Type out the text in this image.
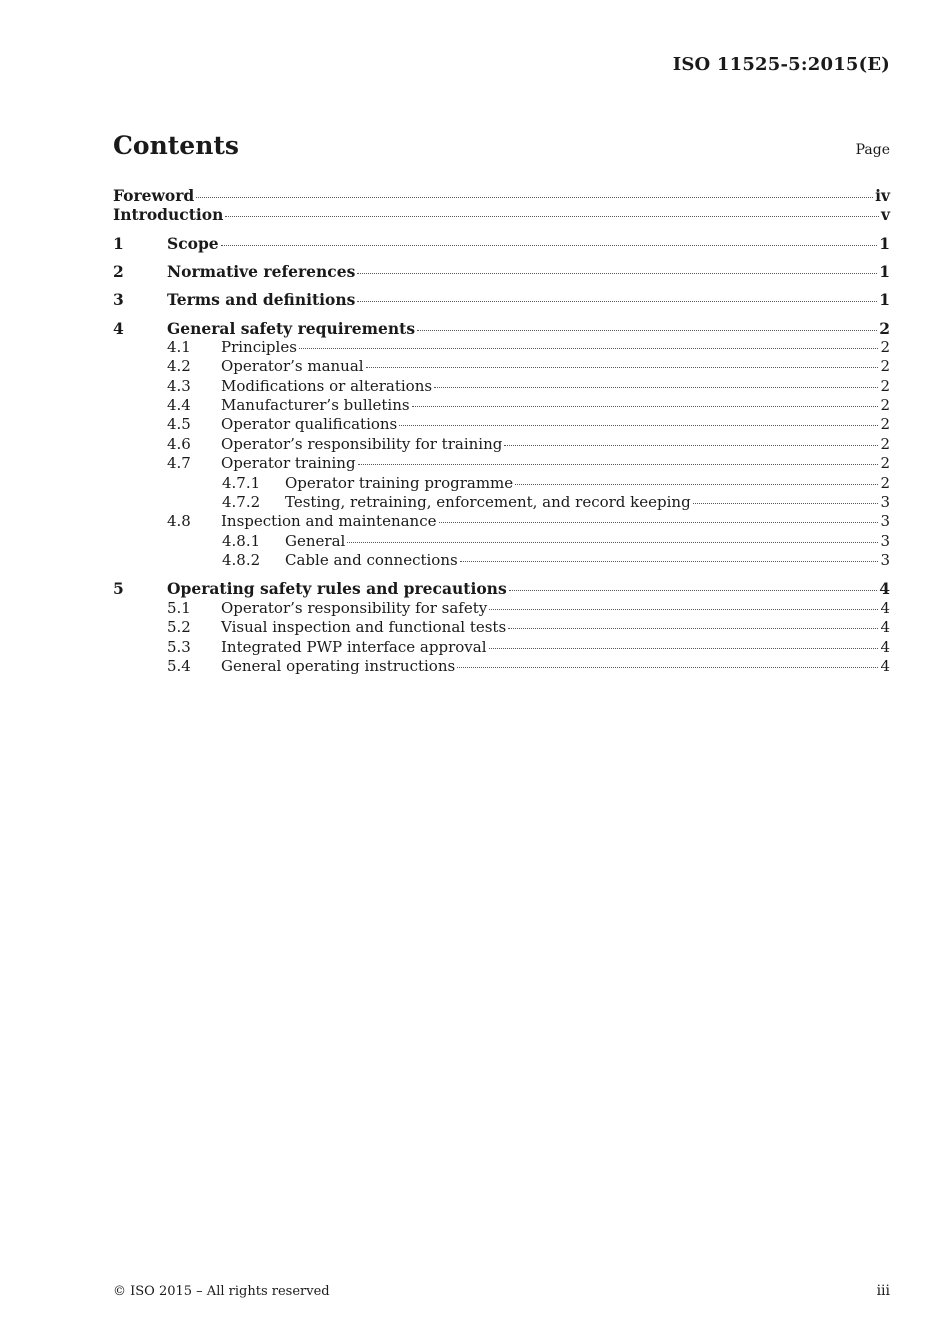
ISO 11525-5:2015(E)
Contents	Page
Foreword	iv
Introduction	v
1	Scope	1
2	Normative references	1
3	Terms and definitions	1
4	General safety requirements	2
4.1	Principles	2
4.2	Operator’s manual	2
4.3	Modifications or alterations	2
4.4	Manufacturer’s bulletins	2
4.5	Operator qualifications	2
4.6	Operator’s responsibility for training	2
4.7	Operator training	2
4.7.1	Operator training programme	2
4.7.2	Testing, retraining, enforcement, and record keeping	3
4.8	Inspection and maintenance	3
4.8.1	General	3
4.8.2	Cable and connections	3
5	Operating safety rules and precautions	4
5.1	Operator’s responsibility for safety	4
5.2	Visual inspection and functional tests	4
5.3	Integrated PWP interface approval	4
5.4	General operating instructions	4
© ISO 2015 – All rights reserved	iii
